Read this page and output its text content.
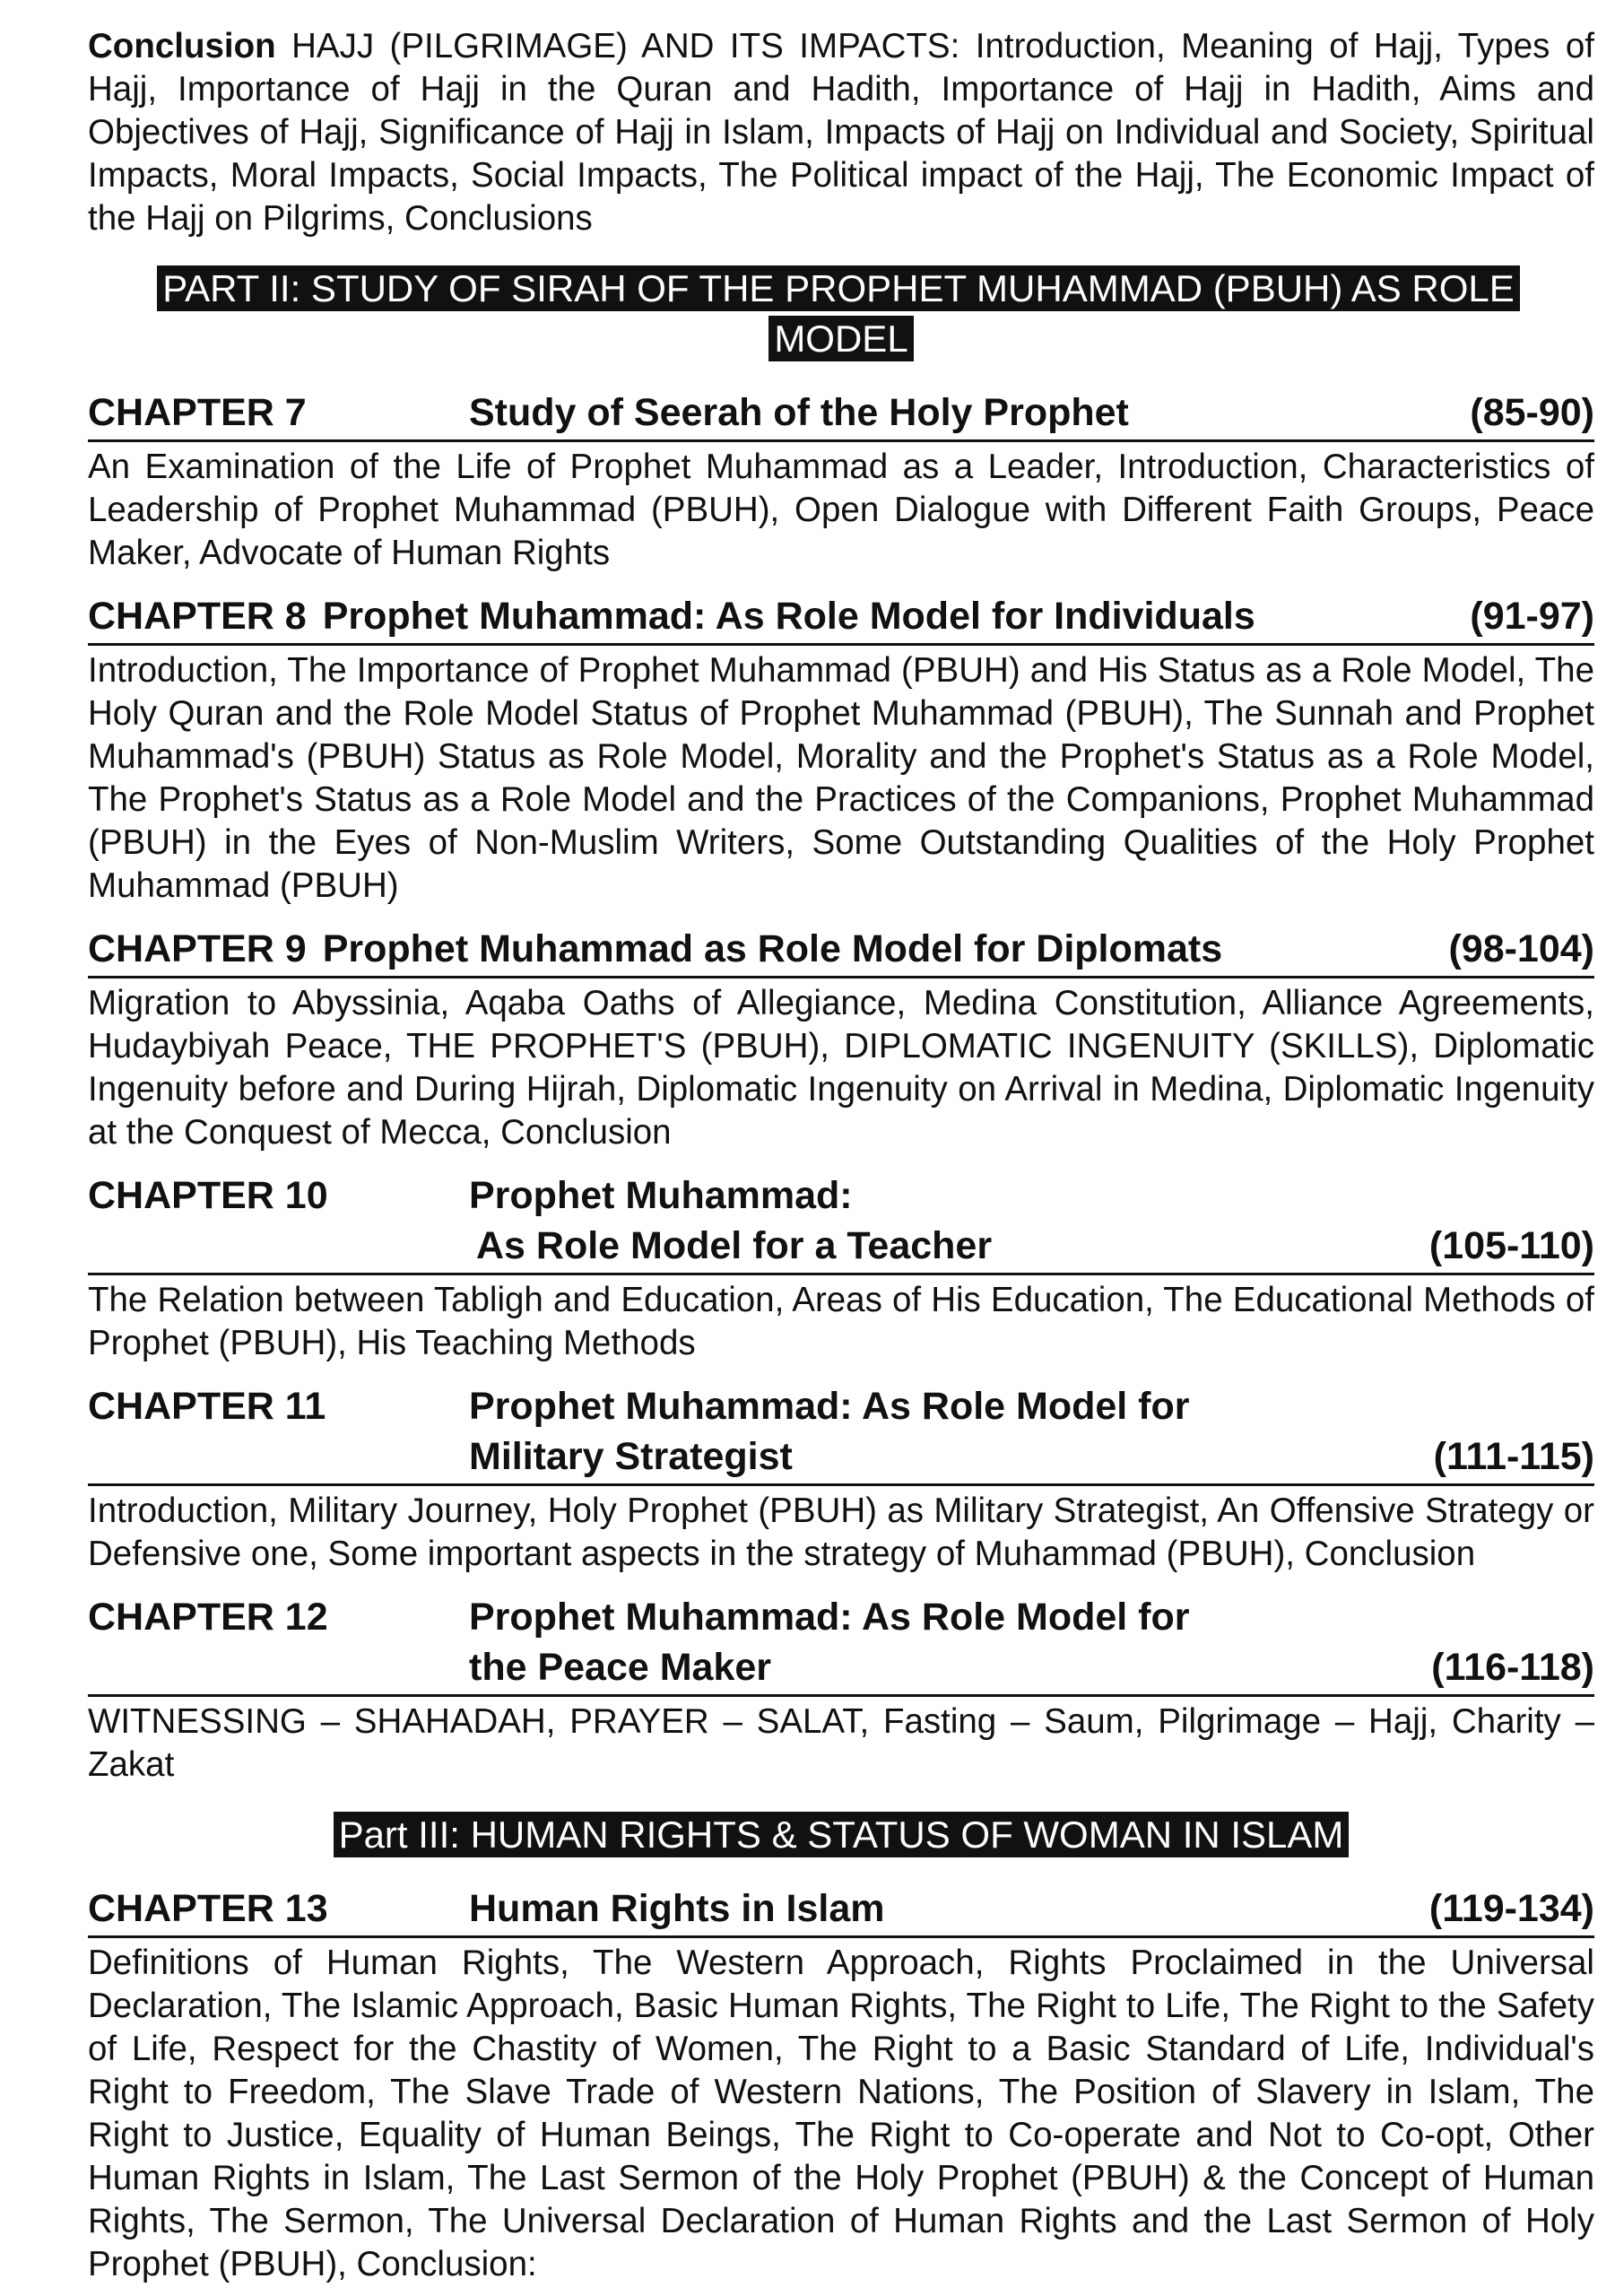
Conclusion HAJJ (PILGRIMAGE) AND ITS IMPACTS: Introduction, Meaning of Hajj, Types of Hajj, Importance of Hajj in the Quran and Hadith, Importance of Hajj in Hadith, Aims and Objectives of Hajj, Significance of Hajj in Islam, Impacts of Hajj on Individual and Society, Spiritual Impacts, Moral Impacts, Social Impacts, The Political impact of the Hajj, The Economic Impact of the Hajj on Pilgrims, Conclusions

PART II: STUDY OF SIRAH OF THE PROPHET MUHAMMAD (PBUH) AS ROLE MODEL
CHAPTER 7	Study of Seerah of the Holy Prophet	(85-90)

An Examination of the Life of Prophet Muhammad as a Leader, Introduction, Characteristics of Leadership of Prophet Muhammad (PBUH), Open Dialogue with Different Faith Groups, Peace Maker, Advocate of Human Rights

CHAPTER 8 Prophet Muhammad: As Role Model for Individuals	(91-97)

Introduction, The Importance of Prophet Muhammad (PBUH) and His Status as a Role Model, The Holy Quran and the Role Model Status of Prophet Muhammad (PBUH), The Sunnah and Prophet Muhammad's (PBUH) Status as Role Model, Morality and the Prophet's Status as a Role Model, The Prophet's Status as a Role Model and the Practices of the Companions, Prophet Muhammad (PBUH) in the Eyes of Non-Muslim Writers, Some Outstanding Qualities of the Holy Prophet Muhammad (PBUH)

CHAPTER 9 Prophet Muhammad as Role Model for Diplomats	(98-104)

Migration to Abyssinia, Aqaba Oaths of Allegiance, Medina Constitution, Alliance Agreements, Hudaybiyah Peace, THE PROPHET'S (PBUH), DIPLOMATIC INGENUITY (SKILLS), Diplomatic Ingenuity before and During Hijrah, Diplomatic Ingenuity on Arrival in Medina, Diplomatic Ingenuity at the Conquest of Mecca, Conclusion

CHAPTER 10	Prophet Muhammad:
As Role Model for a Teacher	(105-110)

The Relation between Tabligh and Education, Areas of His Education, The Educational Methods of Prophet (PBUH), His Teaching Methods

CHAPTER 11	Prophet Muhammad: As Role Model for
Military Strategist	(111-115)

Introduction, Military Journey, Holy Prophet (PBUH) as Military Strategist, An Offensive Strategy or Defensive one, Some important aspects in the strategy of Muhammad (PBUH), Conclusion

CHAPTER 12	Prophet Muhammad: As Role Model for
the Peace Maker	(116-118)

WITNESSING – SHAHADAH, PRAYER – SALAT, Fasting – Saum, Pilgrimage – Hajj, Charity – Zakat

Part III: HUMAN RIGHTS & STATUS OF WOMAN IN ISLAM
CHAPTER 13	Human Rights in Islam	(119-134)

Definitions of Human Rights, The Western Approach, Rights Proclaimed in the Universal Declaration, The Islamic Approach, Basic Human Rights, The Right to Life, The Right to the Safety of Life, Respect for the Chastity of Women, The Right to a Basic Standard of Life, Individual's Right to Freedom, The Slave Trade of Western Nations, The Position of Slavery in Islam, The Right to Justice, Equality of Human Beings, The Right to Co-operate and Not to Co-opt, Other Human Rights in Islam, The Last Sermon of the Holy Prophet (PBUH) & the Concept of Human Rights, The Sermon, The Universal Declaration of Human Rights and the Last Sermon of Holy Prophet (PBUH), Conclusion:
